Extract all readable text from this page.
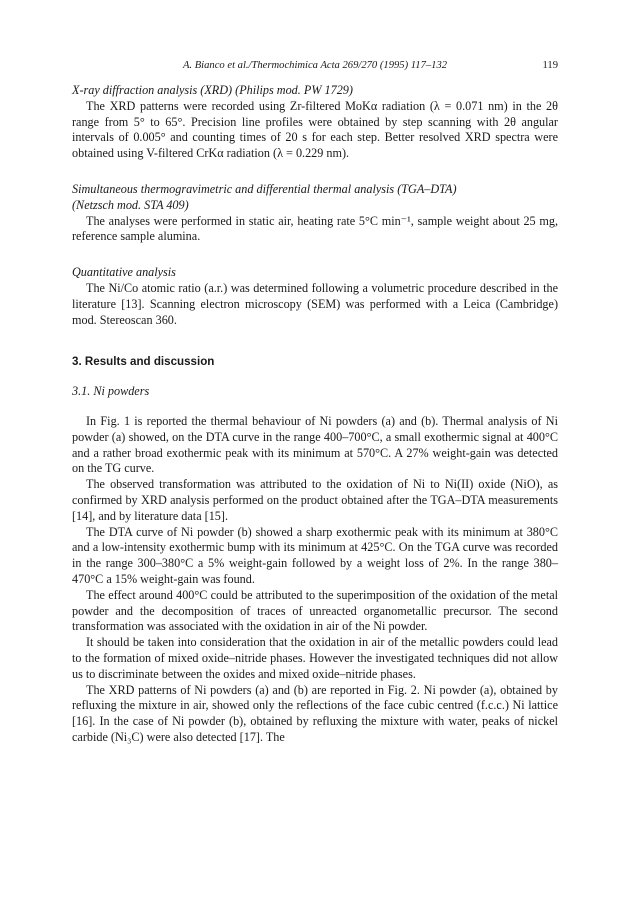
A. Bianco et al./Thermochimica Acta 269/270 (1995) 117–132	119
X-ray diffraction analysis (XRD) (Philips mod. PW 1729)

The XRD patterns were recorded using Zr-filtered MoKα radiation (λ = 0.071 nm) in the 2θ range from 5° to 65°. Precision line profiles were obtained by step scanning with 2θ angular intervals of 0.005° and counting times of 20 s for each step. Better resolved XRD spectra were obtained using V-filtered CrKα radiation (λ = 0.229 nm).

Simultaneous thermogravimetric and differential thermal analysis (TGA–DTA)
(Netzsch mod. STA 409)

The analyses were performed in static air, heating rate 5°C min⁻¹, sample weight about 25 mg, reference sample alumina.

Quantitative analysis

The Ni/Co atomic ratio (a.r.) was determined following a volumetric procedure described in the literature [13]. Scanning electron microscopy (SEM) was performed with a Leica (Cambridge) mod. Stereoscan 360.

3. Results and discussion
3.1. Ni powders

In Fig. 1 is reported the thermal behaviour of Ni powders (a) and (b). Thermal analysis of Ni powder (a) showed, on the DTA curve in the range 400–700°C, a small exothermic signal at 400°C and a rather broad exothermic peak with its minimum at 570°C. A 27% weight-gain was detected on the TG curve.

The observed transformation was attributed to the oxidation of Ni to Ni(II) oxide (NiO), as confirmed by XRD analysis performed on the product obtained after the TGA–DTA measurements [14], and by literature data [15].

The DTA curve of Ni powder (b) showed a sharp exothermic peak with its minimum at 380°C and a low-intensity exothermic bump with its minimum at 425°C. On the TGA curve was recorded in the range 300–380°C a 5% weight-gain followed by a weight loss of 2%. In the range 380–470°C a 15% weight-gain was found.

The effect around 400°C could be attributed to the superimposition of the oxidation of the metal powder and the decomposition of traces of unreacted organometallic precursor. The second transformation was associated with the oxidation in air of the Ni powder.

It should be taken into consideration that the oxidation in air of the metallic powders could lead to the formation of mixed oxide–nitride phases. However the investigated techniques did not allow us to discriminate between the oxides and mixed oxide–nitride phases.

The XRD patterns of Ni powders (a) and (b) are reported in Fig. 2. Ni powder (a), obtained by refluxing the mixture in air, showed only the reflections of the face cubic centred (f.c.c.) Ni lattice [16]. In the case of Ni powder (b), obtained by refluxing the mixture with water, peaks of nickel carbide (Ni₃C) were also detected [17]. The
